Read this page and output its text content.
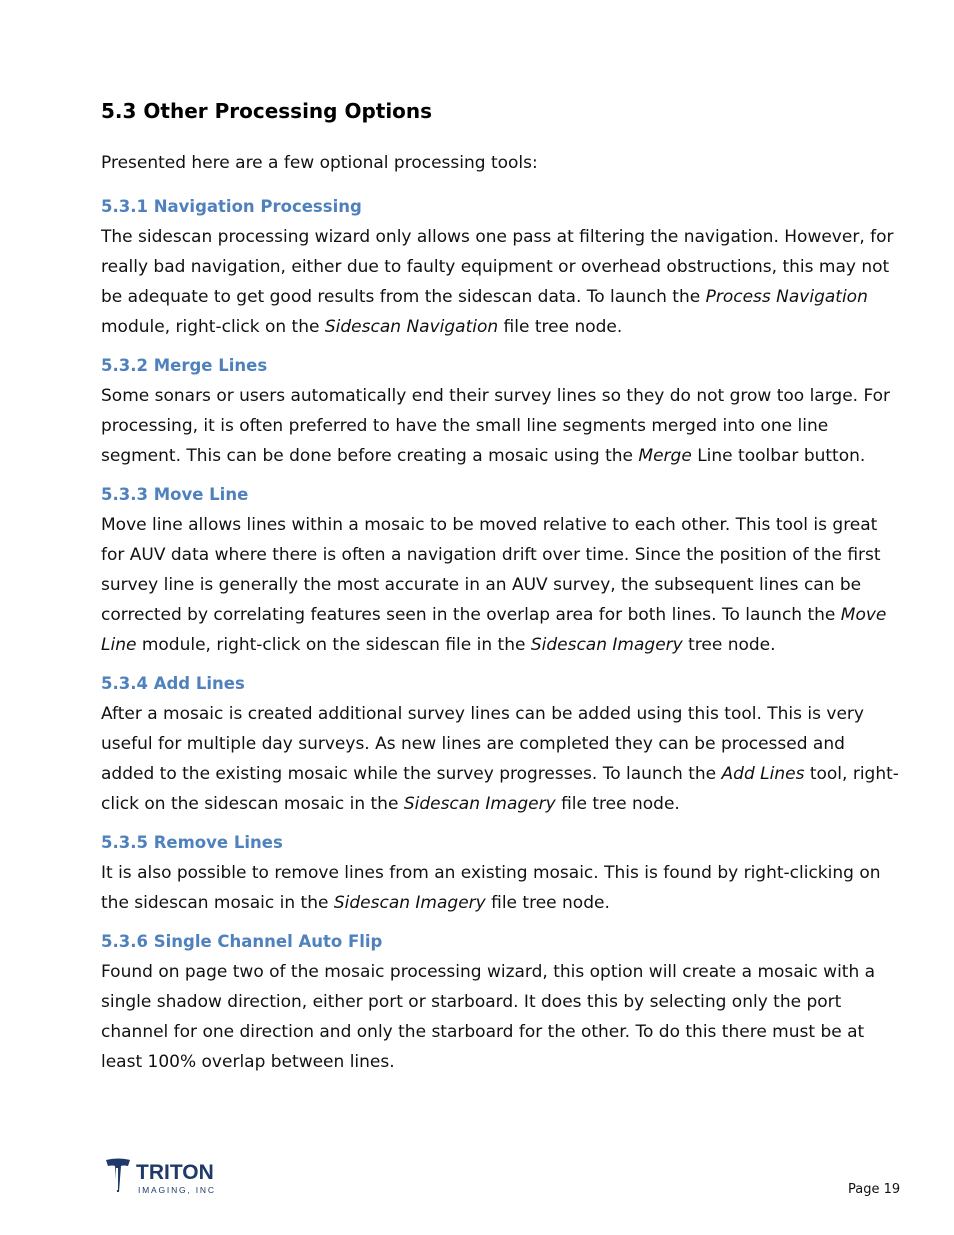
5.3 Other Processing Options
Presented here are a few optional processing tools:
5.3.1 Navigation Processing
The sidescan processing wizard only allows one pass at filtering the navigation. However, for really bad navigation, either due to faulty equipment or overhead obstructions, this may not be adequate to get good results from the sidescan data. To launch the Process Navigation module, right-click on the Sidescan Navigation file tree node.
5.3.2 Merge Lines
Some sonars or users automatically end their survey lines so they do not grow too large. For processing, it is often preferred to have the small line segments merged into one line segment. This can be done before creating a mosaic using the Merge Line toolbar button.
5.3.3 Move Line
Move line allows lines within a mosaic to be moved relative to each other. This tool is great for AUV data where there is often a navigation drift over time. Since the position of the first survey line is generally the most accurate in an AUV survey, the subsequent lines can be corrected by correlating features seen in the overlap area for both lines. To launch the Move Line module, right-click on the sidescan file in the Sidescan Imagery tree node.
5.3.4 Add Lines
After a mosaic is created additional survey lines can be added using this tool. This is very useful for multiple day surveys. As new lines are completed they can be processed and added to the existing mosaic while the survey progresses. To launch the Add Lines tool, right-click on the sidescan mosaic in the Sidescan Imagery file tree node.
5.3.5 Remove Lines
It is also possible to remove lines from an existing mosaic. This is found by right-clicking on the sidescan mosaic in the Sidescan Imagery file tree node.
5.3.6 Single Channel Auto Flip
Found on page two of the mosaic processing wizard, this option will create a mosaic with a single shadow direction, either port or starboard. It does this by selecting only the port channel for one direction and only the starboard for the other. To do this there must be at least 100% overlap between lines.
TRITON
IMAGING, INC	Page 19
